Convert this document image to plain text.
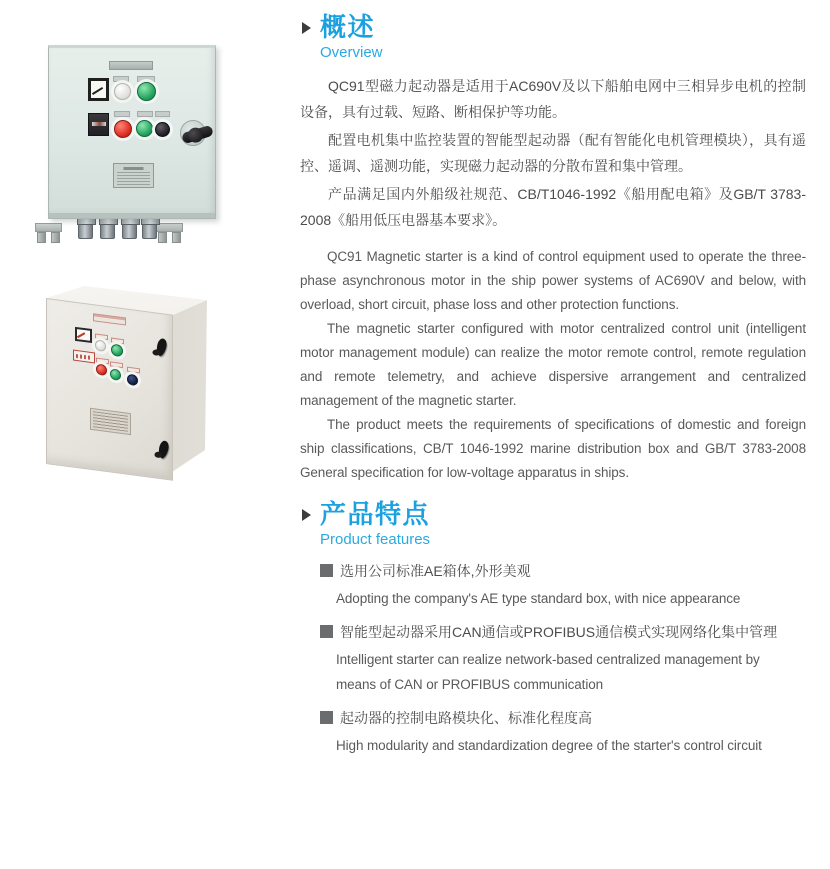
概述
Overview

QC91型磁力起动器是适用于AC690V及以下船舶电网中三相异步电机的控制设备，具有过载、短路、断相保护等功能。

配置电机集中监控装置的智能型起动器（配有智能化电机管理模块），具有遥控、遥调、遥测功能，实现磁力起动器的分散布置和集中管理。

产品满足国内外船级社规范、CB/T1046-1992《船用配电箱》及GB/T 3783-2008《船用低压电器基本要求》。

QC91 Magnetic starter is a kind of control equipment used to operate the three-phase asynchronous motor in the ship power systems of AC690V and below, with overload, short circuit, phase loss and other protection functions.

The magnetic starter configured with motor centralized control unit (intelligent motor management module) can realize the motor remote control, remote regulation and remote telemetry, and achieve dispersive arrangement and centralized management of the magnetic starter.

The product meets the requirements of specifications of domestic and foreign ship classifications, CB/T 1046-1992 marine distribution box and GB/T 3783-2008 General specification for low-voltage apparatus in ships.

产品特点
Product features
选用公司标准AE箱体,外形美观
Adopting the company's AE type standard box, with nice appearance
智能型起动器采用CAN通信或PROFIBUS通信模式实现网络化集中管理
Intelligent starter can realize network-based centralized management by means of CAN or PROFIBUS communication
起动器的控制电路模块化、标准化程度高
High modularity and standardization degree of the starter's control circuit
